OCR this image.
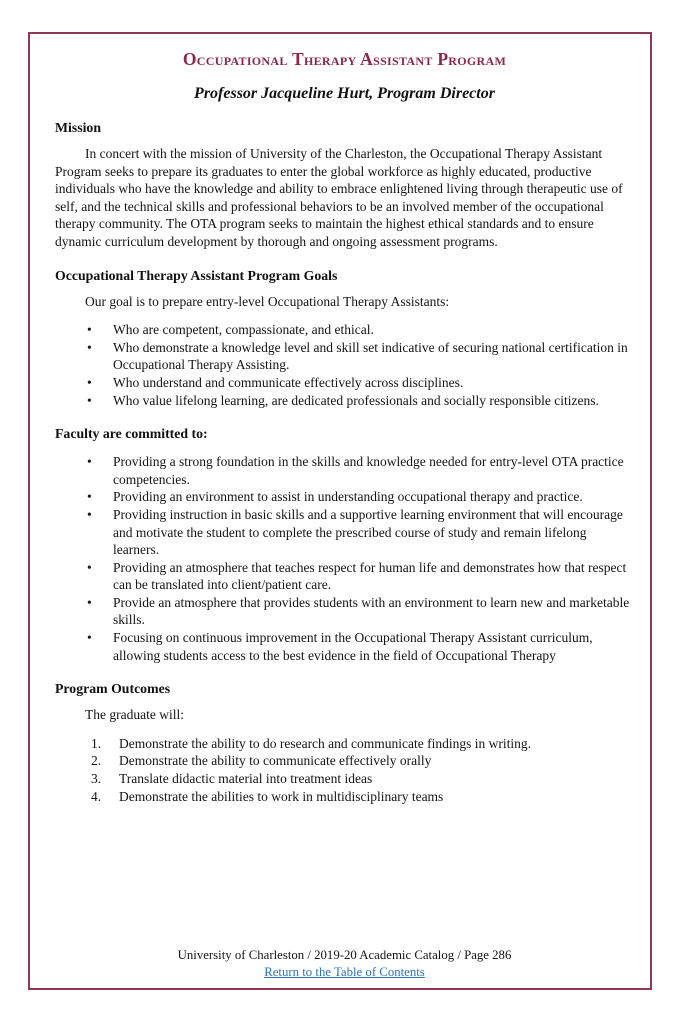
Occupational Therapy Assistant Program
Professor Jacqueline Hurt, Program Director
Mission

In concert with the mission of University of the Charleston, the Occupational Therapy Assistant Program seeks to prepare its graduates to enter the global workforce as highly educated, productive individuals who have the knowledge and ability to embrace enlightened living through therapeutic use of self, and the technical skills and professional behaviors to be an involved member of the occupational therapy community. The OTA program seeks to maintain the highest ethical standards and to ensure dynamic curriculum development by thorough and ongoing assessment programs.

Occupational Therapy Assistant Program Goals

Our goal is to prepare entry-level Occupational Therapy Assistants:

• Who are competent, compassionate, and ethical.
• Who demonstrate a knowledge level and skill set indicative of securing national certification in Occupational Therapy Assisting.
• Who understand and communicate effectively across disciplines.
• Who value lifelong learning, are dedicated professionals and socially responsible citizens.
Faculty are committed to:
• Providing a strong foundation in the skills and knowledge needed for entry-level OTA practice competencies.
• Providing an environment to assist in understanding occupational therapy and practice.
• Providing instruction in basic skills and a supportive learning environment that will encourage and motivate the student to complete the prescribed course of study and remain lifelong learners.
• Providing an atmosphere that teaches respect for human life and demonstrates how that respect can be translated into client/patient care.
• Provide an atmosphere that provides students with an environment to learn new and marketable skills.
• Focusing on continuous improvement in the Occupational Therapy Assistant curriculum, allowing students access to the best evidence in the field of Occupational Therapy
Program Outcomes

The graduate will:

Demonstrate the ability to do research and communicate findings in writing.
Demonstrate the ability to communicate effectively orally
Translate didactic material into treatment ideas
Demonstrate the abilities to work in multidisciplinary teams
University of Charleston / 2019-20 Academic Catalog / Page 286
Return to the Table of Contents
